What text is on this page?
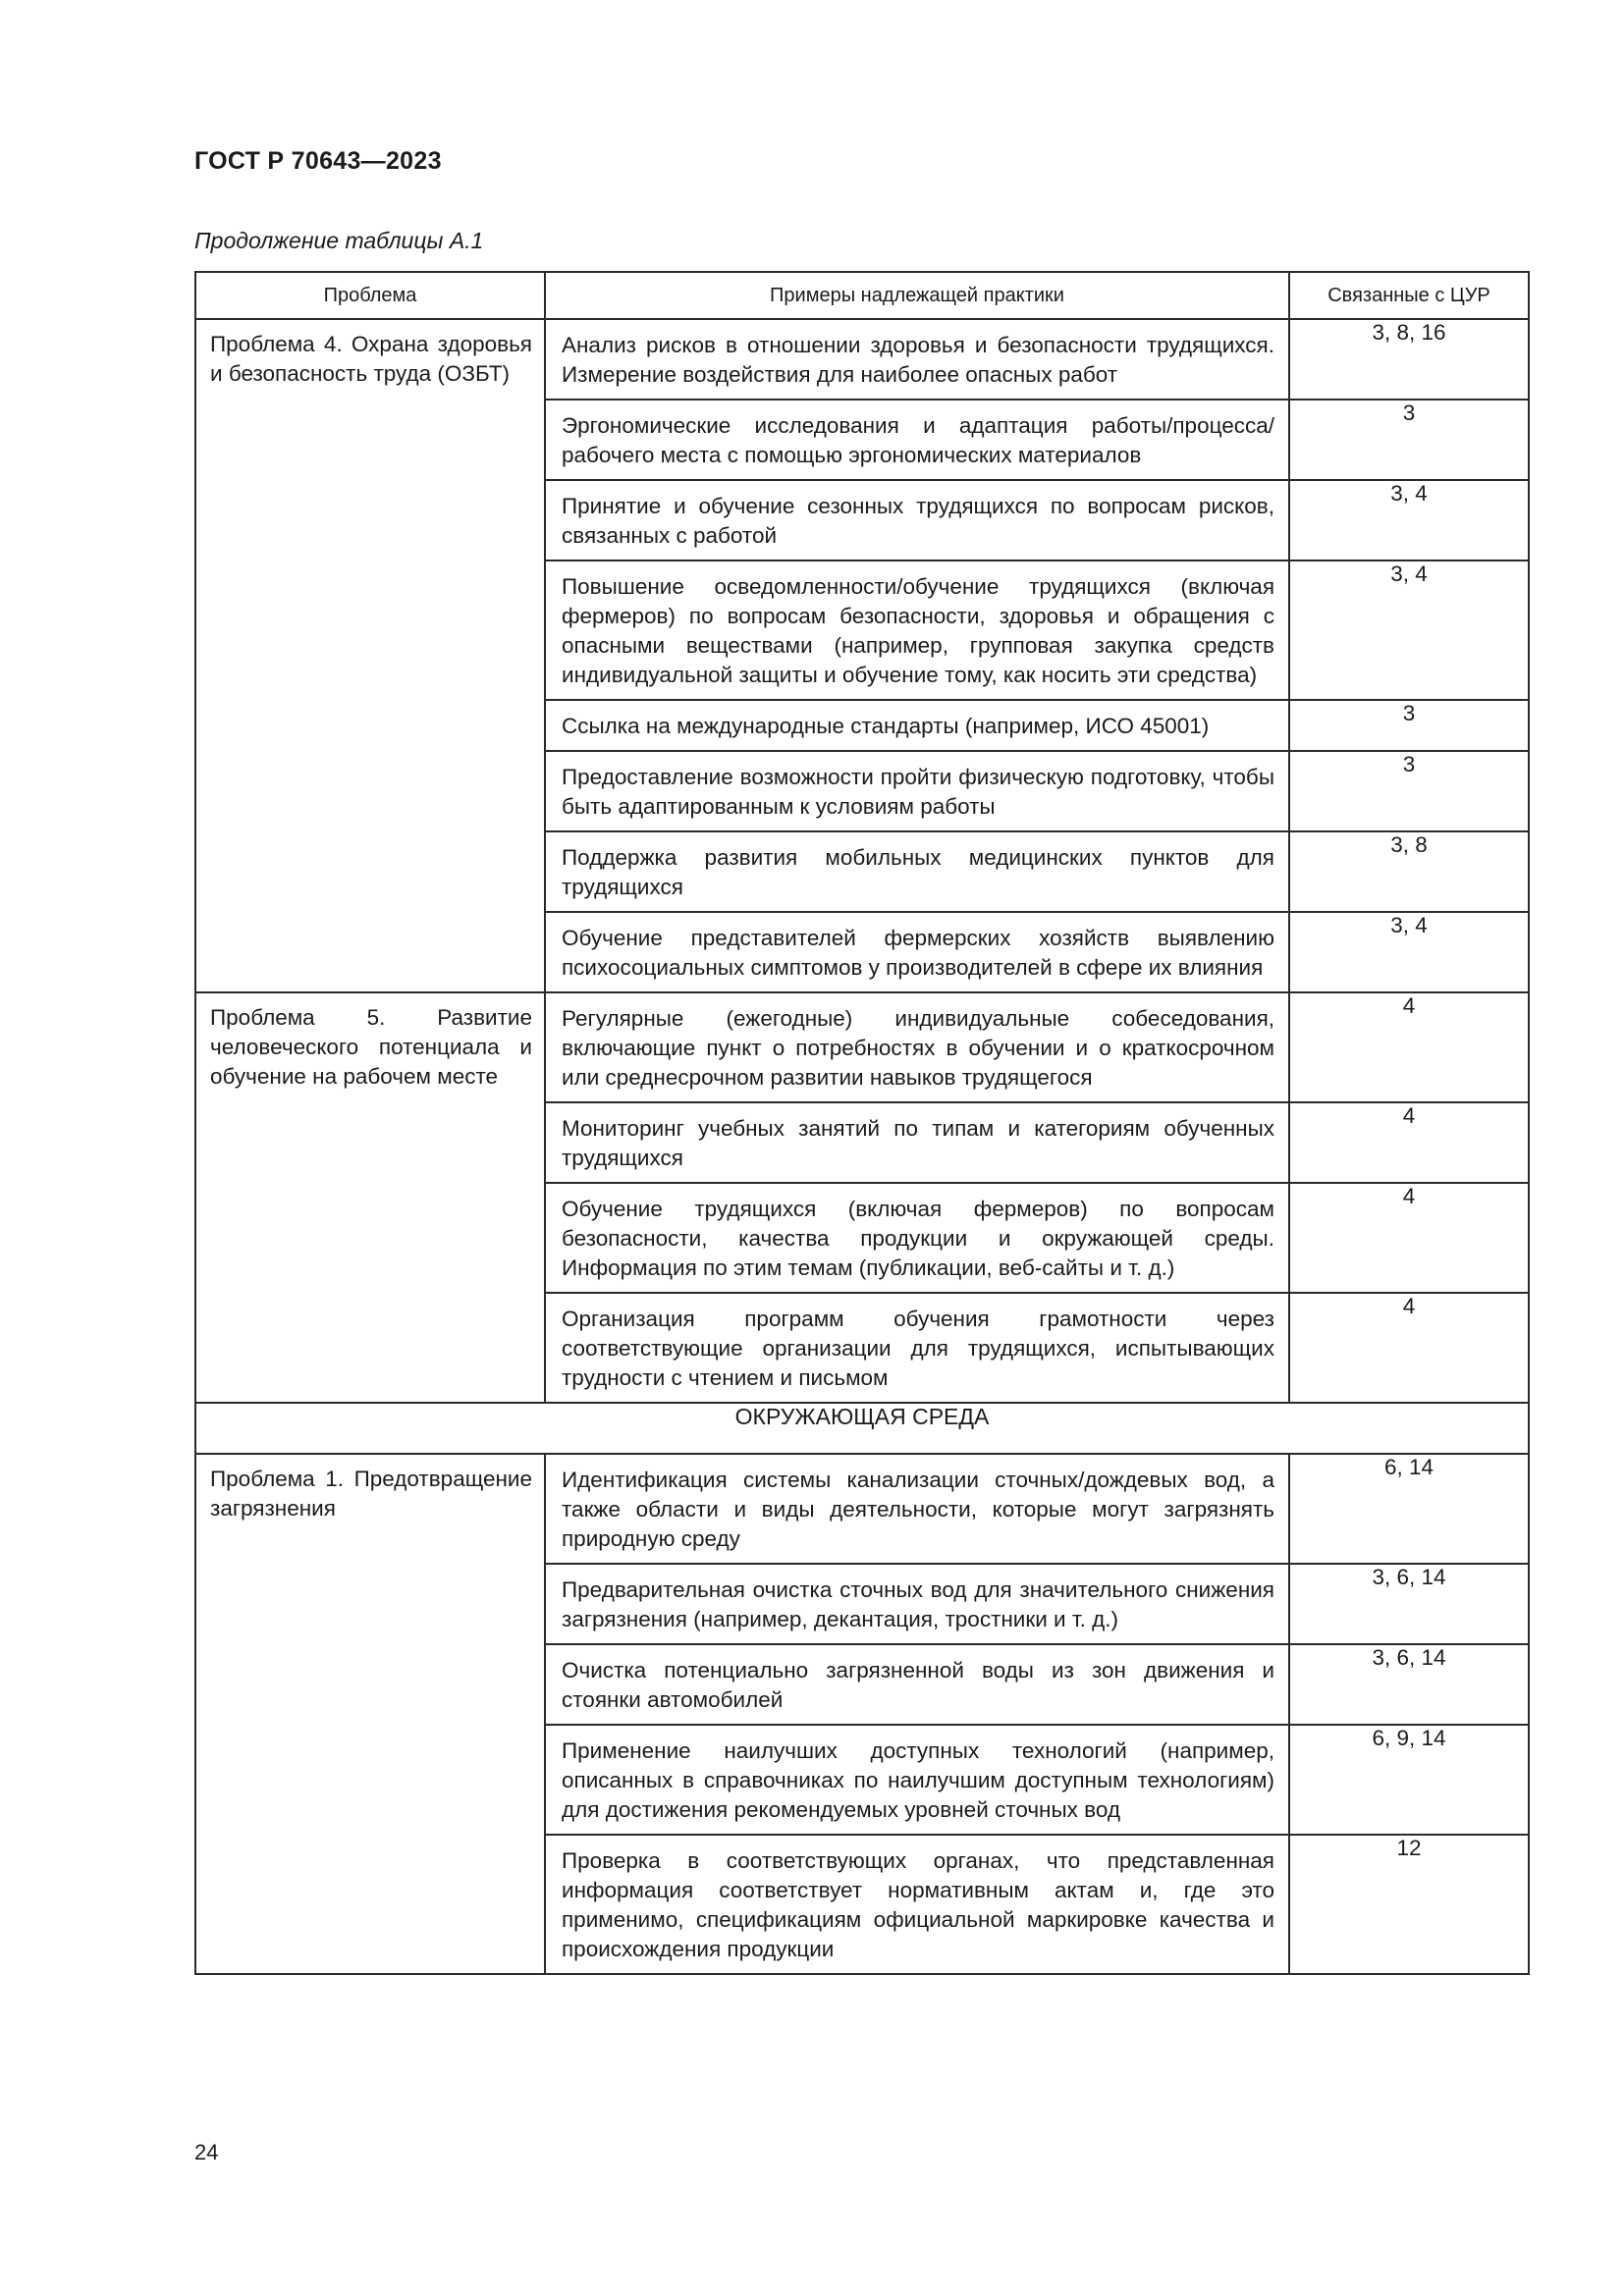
ГОСТ Р 70643—2023
Продолжение таблицы А.1
Проблема	Примеры надлежащей практики	Связанные с ЦУР
Проблема 4. Охрана здоровья и безопасность труда (ОЗБТ)	Анализ рисков в отношении здоровья и безопасности трудящихся. Измерение воздействия для наиболее опасных работ	3, 8, 16
	Эргономические исследования и адаптация работы/процесса/рабочего места с помощью эргономических материалов	3
	Принятие и обучение сезонных трудящихся по вопросам рисков, связанных с работой	3, 4
	Повышение осведомленности/обучение трудящихся (включая фермеров) по вопросам безопасности, здоровья и обращения с опасными веществами (например, групповая закупка средств индивидуальной защиты и обучение тому, как носить эти средства)	3, 4
	Ссылка на международные стандарты (например, ИСО 45001)	3
	Предоставление возможности пройти физическую подготовку, чтобы быть адаптированным к условиям работы	3
	Поддержка развития мобильных медицинских пунктов для трудящихся	3, 8
	Обучение представителей фермерских хозяйств выявлению психосоциальных симптомов у производителей в сфере их влияния	3, 4
Проблема 5. Развитие человеческого потенциала и обучение на рабочем месте	Регулярные (ежегодные) индивидуальные собеседования, включающие пункт о потребностях в обучении и о краткосрочном или среднесрочном развитии навыков трудящегося	4
	Мониторинг учебных занятий по типам и категориям обученных трудящихся	4
	Обучение трудящихся (включая фермеров) по вопросам безопасности, качества продукции и окружающей среды. Информация по этим темам (публикации, веб-сайты и т. д.)	4
	Организация программ обучения грамотности через соответствующие организации для трудящихся, испытывающих трудности с чтением и письмом	4
ОКРУЖАЮЩАЯ СРЕДА		
Проблема 1. Предотвращение загрязнения	Идентификация системы канализации сточных/дождевых вод, а также области и виды деятельности, которые могут загрязнять природную среду	6, 14
	Предварительная очистка сточных вод для значительного снижения загрязнения (например, декантация, тростники и т. д.)	3, 6, 14
	Очистка потенциально загрязненной воды из зон движения и стоянки автомобилей	3, 6, 14
	Применение наилучших доступных технологий (например, описанных в справочниках по наилучшим доступным технологиям) для достижения рекомендуемых уровней сточных вод	6, 9, 14
	Проверка в соответствующих органах, что представленная информация соответствует нормативным актам и, где это применимо, спецификациям официальной маркировке качества и происхождения продукции	12
24
